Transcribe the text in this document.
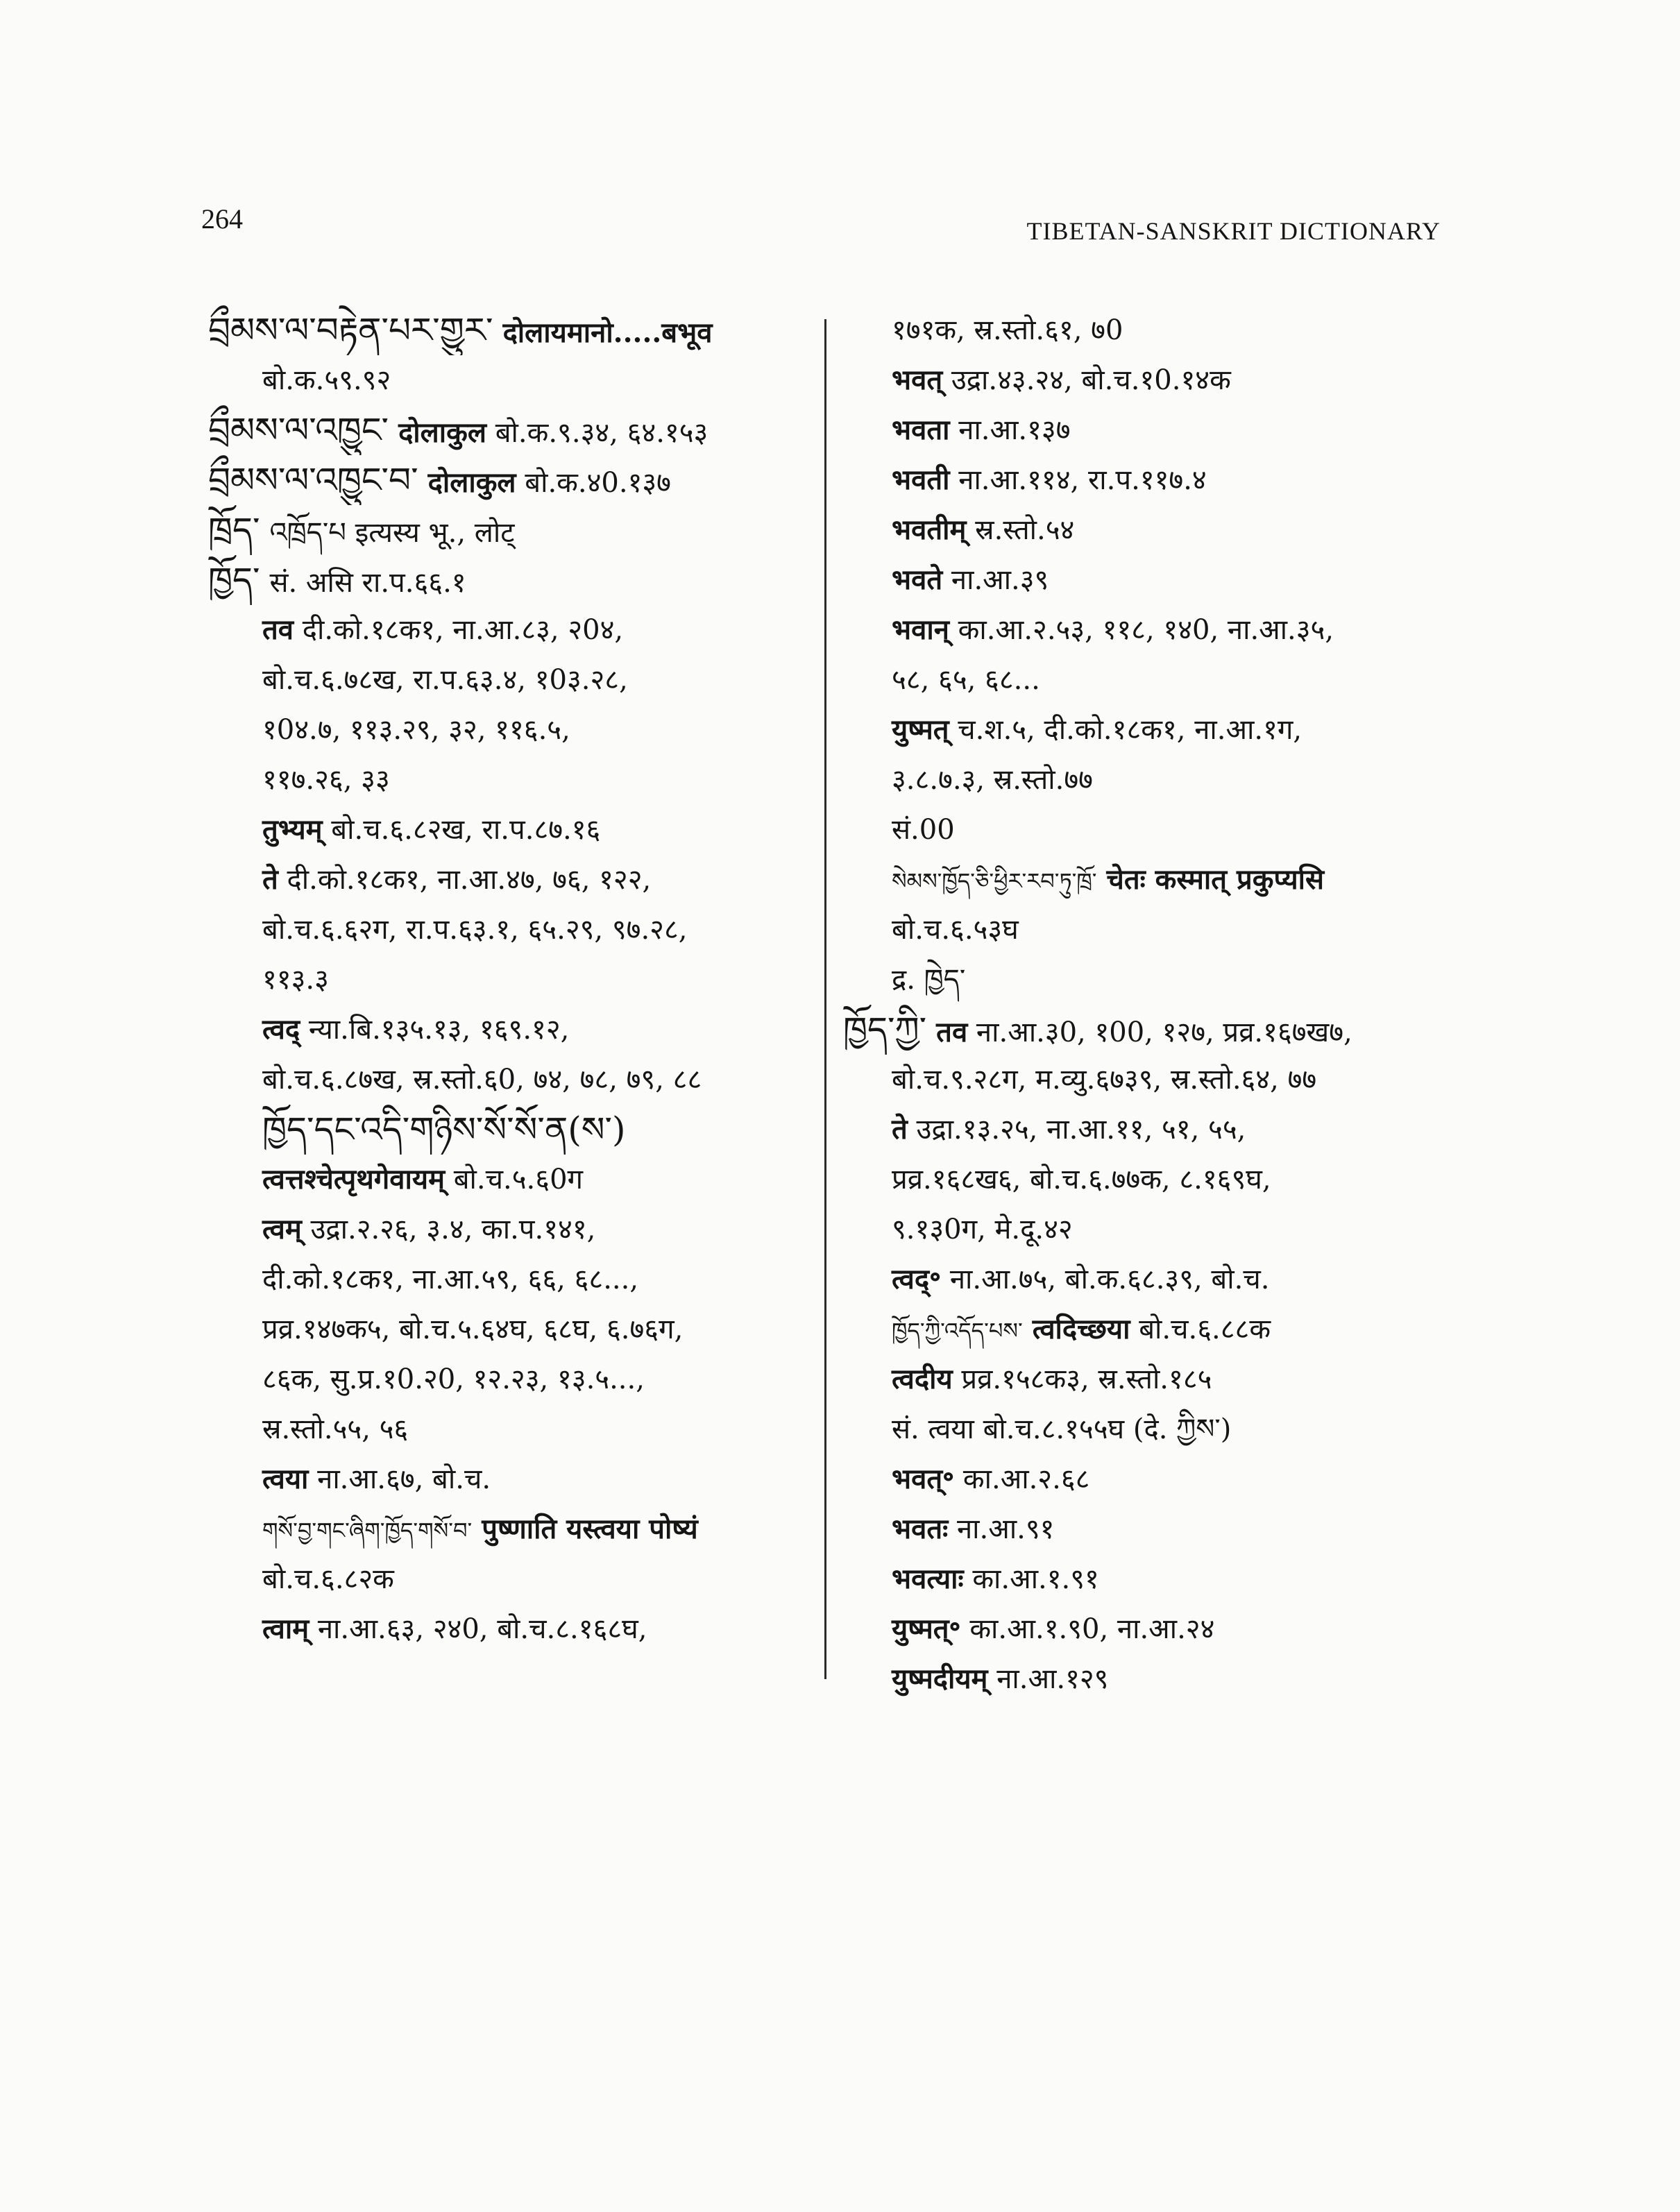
264	TIBETAN-SANSKRIT DICTIONARY
བྲྀམས་ལ་བརྟེན་པར་གྱུར་ दोलायमानो.....बभूव
बो.क.५९.९२
བྲྀམས་ལ་འཁྱུང་ दोलाकुल बो.क.९.३४, ६४.१५३
བྲྀམས་ལ་འཁྱུང་བ་ दोलाकुल बो.क.४0.१३७
ཁྲོད་ འཁྲོད་པ इत्यस्य भू., लोट्
ཁྱོད་ सं. असि रा.प.६६.१
तव दी.को.१८क१, ना.आ.८३, २0४,
बो.च.६.७८ख, रा.प.६३.४, १0३.२८,
१0४.७, ११३.२९, ३२, ११६.५,
११७.२६, ३३
तुभ्यम् बो.च.६.८२ख, रा.प.८७.१६
ते दी.को.१८क१, ना.आ.४७, ७६, १२२,
बो.च.६.६२ग, रा.प.६३.१, ६५.२९, ९७.२८,
११३.३
त्वद् न्या.बि.१३५.१३, १६९.१२,
बो.च.६.८७ख, स्र.स्तो.६0, ७४, ७८, ७९, ८८
ཁྱོད་དང་འདི་གཉིས་སོ་སོ་ན(ས་)
त्वत्तश्चेत्पृथगेवायम् बो.च.५.६0ग
त्वम् उद्रा.२.२६, ३.४, का.प.१४१,
दी.को.१८क१, ना.आ.५९, ६६, ६८...,
प्रव्र.१४७क५, बो.च.५.६४घ, ६८घ, ६.७६ग,
८६क, सु.प्र.१0.२0, १२.२३, १३.५...,
स्र.स्तो.५५, ५६
त्वया ना.आ.६७, बो.च.
གསོ་བྱ་གང་ཞིག་ཁྱོད་གསོ་བ་ पुष्णाति यस्त्वया पोष्यं
बो.च.६.८२क
त्वाम् ना.आ.६३, २४0, बो.च.८.१६८घ,
१७१क, स्र.स्तो.६१, ७0
भवत् उद्रा.४३.२४, बो.च.१0.१४क
भवता ना.आ.१३७
भवती ना.आ.११४, रा.प.११७.४
भवतीम् स्र.स्तो.५४
भवते ना.आ.३९
भवान् का.आ.२.५३, ११८, १४0, ना.आ.३५,
५८, ६५, ६८...
युष्मत् च.श.५, दी.को.१८क१, ना.आ.१ग,
३.८.७.३, स्र.स्तो.७७
सं.00
སེམས་ཁྱོད་ཅི་ཕྱིར་རབ་ཏུ་ཁྲོ་ चेतः कस्मात् प्रकुप्यसि
बो.च.६.५३घ
द्र. ཁྱེད་
ཁྱོད་ཀྱི་ तव ना.आ.३0, १00, १२७, प्रव्र.१६७ख७,
बो.च.९.२८ग, म.व्यु.६७३९, स्र.स्तो.६४, ७७
ते उद्रा.१३.२५, ना.आ.११, ५१, ५५,
प्रव्र.१६८ख६, बो.च.६.७७क, ८.१६९घ,
९.१३0ग, मे.दू.४२
त्वद्॰ ना.आ.७५, बो.क.६८.३९, बो.च.
ཁྱོད་ཀྱི་འདོད་པས་ त्वदिच्छया बो.च.६.८८क
त्वदीय प्रव्र.१५८क३, स्र.स्तो.१८५
सं. त्वया बो.च.८.१५५घ (दे. ཀྱིས་)
भवत्॰ का.आ.२.६८
भवतः ना.आ.९१
भवत्याः का.आ.१.९१
युष्मत्॰ का.आ.१.९0, ना.आ.२४
युष्मदीयम् ना.आ.१२९
